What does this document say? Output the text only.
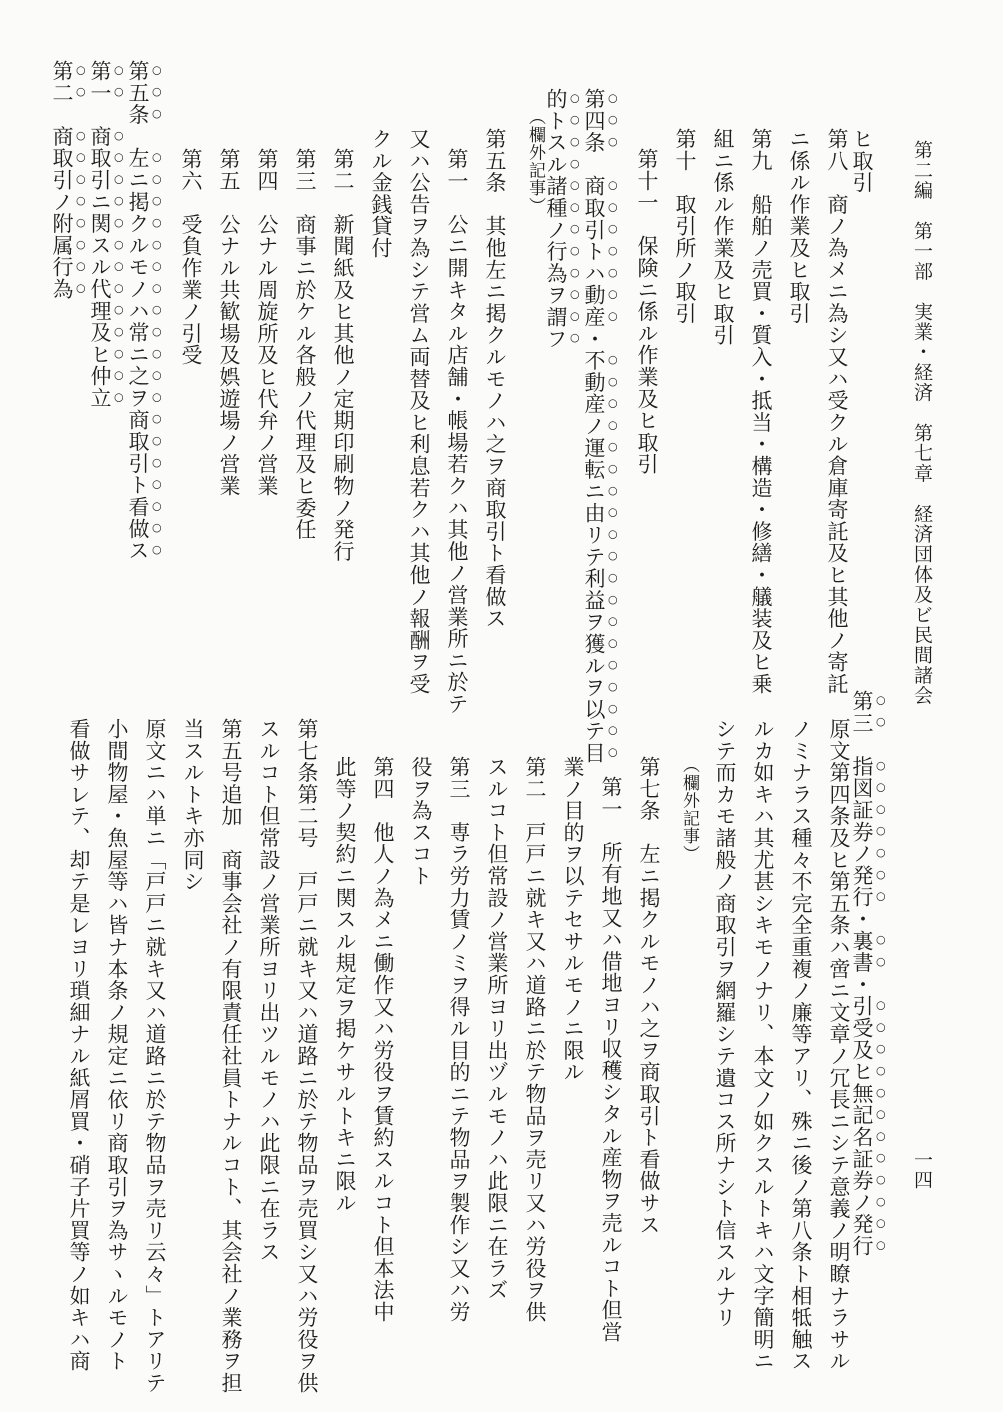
第二編　第一部　実業・経済　第七章　経済団体及ビ民間諸会
一四
ヒ取引
第八　商ノ為メニ為シ又ハ受クル倉庫寄託及ヒ其他ノ寄託
ニ係ル作業及ヒ取引
第九　船舶ノ売買・質入・抵当・構造・修繕・艤装及ヒ乗
組ニ係ル作業及ヒ取引
第十　取引所ノ取引
第十一　保険ニ係ル作業及ヒ取引
第四条　商取引トハ動産・不動産ノ運転ニ由リテ利益ヲ獲ルヲ以テ目
的トスル諸種ノ行為ヲ謂フ
（欄外記事）
第五条　其他左ニ掲クルモノハ之ヲ商取引ト看做ス
第一　公ニ開キタル店舗・帳場若クハ其他ノ営業所ニ於テ
又ハ公告ヲ為シテ営ム両替及ヒ利息若クハ其他ノ報酬ヲ受
クル金銭貸付
第二　新聞紙及ヒ其他ノ定期印刷物ノ発行
第三　商事ニ於ケル各般ノ代理及ヒ委任
第四　公ナル周旋所及ヒ代弁ノ営業
第五　公ナル共歓場及娯遊場ノ営業
第六　受負作業ノ引受
第五条　左ニ掲クルモノハ常ニ之ヲ商取引ト看做ス
第一　商取引ニ関スル代理及ヒ仲立
第二　商取引ノ附属行為
第三　指図証券ノ発行・裏書・引受及ヒ無記名証券ノ発行
原文第四条及ヒ第五条ハ啻ニ文章ノ冗長ニシテ意義ノ明瞭ナラサル
ノミナラス種々不完全重複ノ廉等アリ、殊ニ後ノ第八条ト相牴触ス
ルカ如キハ其尤甚シキモノナリ、本文ノ如クスルトキハ文字簡明ニ
シテ而カモ諸般ノ商取引ヲ網羅シテ遺コス所ナシト信スルナリ
（欄外記事）
第七条　左ニ掲クルモノハ之ヲ商取引ト看做サス
第一　所有地又ハ借地ヨリ収穫シタル産物ヲ売ルコト但営
業ノ目的ヲ以テセサルモノニ限ル
第二　戸戸ニ就キ又ハ道路ニ於テ物品ヲ売リ又ハ労役ヲ供
スルコト但常設ノ営業所ヨリ出ヅルモノハ此限ニ在ラズ
第三　専ラ労力賃ノミヲ得ル目的ニテ物品ヲ製作シ又ハ労
役ヲ為スコト
第四　他人ノ為メニ働作又ハ労役ヲ賃約スルコト但本法中
此等ノ契約ニ関スル規定ヲ掲ケサルトキニ限ル
第七条第二号　戸戸ニ就キ又ハ道路ニ於テ物品ヲ売買シ又ハ労役ヲ供
スルコト但常設ノ営業所ヨリ出ツルモノハ此限ニ在ラス
第五号追加　商事会社ノ有限責任社員トナルコト、其会社ノ業務ヲ担
当スルトキ亦同シ
原文ニハ単ニ「戸戸ニ就キ又ハ道路ニ於テ物品ヲ売リ云々」トアリテ
小間物屋・魚屋等ハ皆ナ本条ノ規定ニ依リ商取引ヲ為サヽルモノト
看做サレテ、却テ是レヨリ瑣細ナル紙屑買・硝子片買等ノ如キハ商
